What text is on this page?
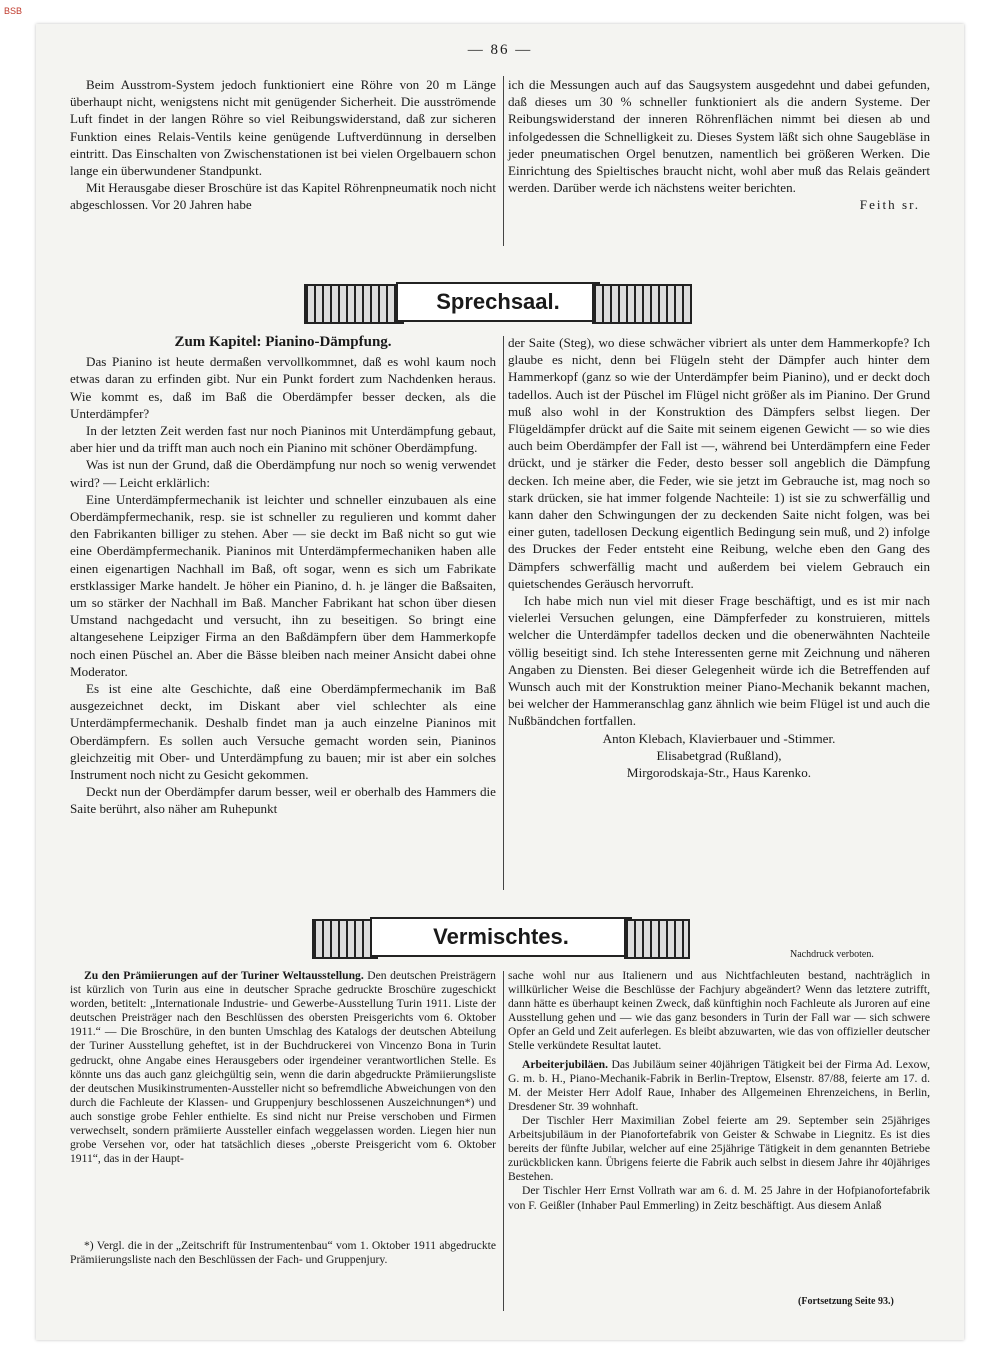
BSB
— 86 —

Beim Ausstrom-System jedoch funktioniert eine Röhre von 20 m Länge überhaupt nicht, wenigstens nicht mit genügender Sicherheit. Die ausströmende Luft findet in der langen Röhre so viel Reibungswiderstand, daß zur sicheren Funktion eines Relais-Ventils keine genügende Luftverdünnung in derselben eintritt. Das Einschalten von Zwischenstationen ist bei vielen Orgelbauern schon lange ein überwundener Standpunkt.

Mit Herausgabe dieser Broschüre ist das Kapitel Röhrenpneumatik noch nicht abgeschlossen. Vor 20 Jahren habe

ich die Messungen auch auf das Saugsystem ausgedehnt und dabei gefunden, daß dieses um 30 % schneller funktioniert als die andern Systeme. Der Reibungswiderstand der inneren Röhrenflächen nimmt bei diesen ab und infolgedessen die Schnelligkeit zu. Dieses System läßt sich ohne Saugebläse in jeder pneumatischen Orgel benutzen, namentlich bei größeren Werken. Die Einrichtung des Spieltisches braucht nicht, wohl aber muß das Relais geändert werden. Darüber werde ich nächstens weiter berichten.

Feith sr.

Sprechsaal.
Zum Kapitel: Pianino-Dämpfung.

Das Pianino ist heute dermaßen vervollkommnet, daß es wohl kaum noch etwas daran zu erfinden gibt. Nur ein Punkt fordert zum Nachdenken heraus. Wie kommt es, daß im Baß die Oberdämpfer besser decken, als die Unterdämpfer?

In der letzten Zeit werden fast nur noch Pianinos mit Unterdämpfung gebaut, aber hier und da trifft man auch noch ein Pianino mit schöner Oberdämpfung.

Was ist nun der Grund, daß die Oberdämpfung nur noch so wenig verwendet wird? — Leicht erklärlich:

Eine Unterdämpfermechanik ist leichter und schneller einzubauen als eine Oberdämpfermechanik, resp. sie ist schneller zu regulieren und kommt daher den Fabrikanten billiger zu stehen. Aber — sie deckt im Baß nicht so gut wie eine Oberdämpfermechanik. Pianinos mit Unterdämpfermechaniken haben alle einen eigenartigen Nachhall im Baß, oft sogar, wenn es sich um Fabrikate erstklassiger Marke handelt. Je höher ein Pianino, d. h. je länger die Baßsaiten, um so stärker der Nachhall im Baß. Mancher Fabrikant hat schon über diesen Umstand nachgedacht und versucht, ihn zu beseitigen. So bringt eine altangesehene Leipziger Firma an den Baßdämpfern über dem Hammerkopfe noch einen Püschel an. Aber die Bässe bleiben nach meiner Ansicht dabei ohne Moderator.

Es ist eine alte Geschichte, daß eine Oberdämpfermechanik im Baß ausgezeichnet deckt, im Diskant aber viel schlechter als eine Unterdämpfermechanik. Deshalb findet man ja auch einzelne Pianinos mit Oberdämpfern. Es sollen auch Versuche gemacht worden sein, Pianinos gleichzeitig mit Ober- und Unterdämpfung zu bauen; mir ist aber ein solches Instrument noch nicht zu Gesicht gekommen.

Deckt nun der Oberdämpfer darum besser, weil er oberhalb des Hammers die Saite berührt, also näher am Ruhepunkt

der Saite (Steg), wo diese schwächer vibriert als unter dem Hammerkopfe? Ich glaube es nicht, denn bei Flügeln steht der Dämpfer auch hinter dem Hammerkopf (ganz so wie der Unterdämpfer beim Pianino), und er deckt doch tadellos. Auch ist der Püschel im Flügel nicht größer als im Pianino. Der Grund muß also wohl in der Konstruktion des Dämpfers selbst liegen. Der Flügeldämpfer drückt auf die Saite mit seinem eigenen Gewicht — so wie dies auch beim Oberdämpfer der Fall ist —, während bei Unterdämpfern eine Feder drückt, und je stärker die Feder, desto besser soll angeblich die Dämpfung decken. Ich meine aber, die Feder, wie sie jetzt im Gebrauche ist, mag noch so stark drücken, sie hat immer folgende Nachteile: 1) ist sie zu schwerfällig und kann daher den Schwingungen der zu deckenden Saite nicht folgen, was bei einer guten, tadellosen Deckung eigentlich Bedingung sein muß, und 2) infolge des Druckes der Feder entsteht eine Reibung, welche eben den Gang des Dämpfers schwerfällig macht und außerdem bei vielem Gebrauch ein quietschendes Geräusch hervorruft.

Ich habe mich nun viel mit dieser Frage beschäftigt, und es ist mir nach vielerlei Versuchen gelungen, eine Dämpferfeder zu konstruieren, mittels welcher die Unterdämpfer tadellos decken und die obenerwähnten Nachteile völlig beseitigt sind. Ich stehe Interessenten gerne mit Zeichnung und näheren Angaben zu Diensten. Bei dieser Gelegenheit würde ich die Betreffenden auf Wunsch auch mit der Konstruktion meiner Piano-Mechanik bekannt machen, bei welcher der Hammeranschlag ganz ähnlich wie beim Flügel ist und auch die Nußbändchen fortfallen.

Anton Klebach, Klavierbauer und -Stimmer.

Elisabetgrad (Rußland),

Mirgorodskaja-Str., Haus Karenko.

Vermischtes.
Nachdruck verboten.

Zu den Prämiierungen auf der Turiner Weltausstellung. Den deutschen Preisträgern ist kürzlich von Turin aus eine in deutscher Sprache gedruckte Broschüre zugeschickt worden, betitelt: „Internationale Industrie- und Gewerbe-Ausstellung Turin 1911. Liste der deutschen Preisträger nach den Beschlüssen des obersten Preisgerichts vom 6. Oktober 1911.“ — Die Broschüre, in den bunten Umschlag des Katalogs der deutschen Abteilung der Turiner Ausstellung geheftet, ist in der Buchdruckerei von Vincenzo Bona in Turin gedruckt, ohne Angabe eines Herausgebers oder irgendeiner verantwortlichen Stelle. Es könnte uns das auch ganz gleichgültig sein, wenn die darin abgedruckte Prämiierungsliste der deutschen Musikinstrumenten-Aussteller nicht so befremdliche Abweichungen von den durch die Fachleute der Klassen- und Gruppenjury beschlossenen Auszeichnungen*) und auch sonstige grobe Fehler enthielte. Es sind nicht nur Preise verschoben und Firmen verwechselt, sondern prämiierte Aussteller einfach weggelassen worden. Liegen hier nun grobe Versehen vor, oder hat tatsächlich dieses „oberste Preisgericht vom 6. Oktober 1911“, das in der Haupt-

*) Vergl. die in der „Zeitschrift für Instrumentenbau“ vom 1. Oktober 1911 abgedruckte Prämiierungsliste nach den Beschlüssen der Fach- und Gruppenjury.

sache wohl nur aus Italienern und aus Nichtfachleuten bestand, nachträglich in willkürlicher Weise die Beschlüsse der Fachjury abgeändert? Wenn das letztere zutrifft, dann hätte es überhaupt keinen Zweck, daß künftighin noch Fachleute als Juroren auf eine Ausstellung gehen und — wie das ganz besonders in Turin der Fall war — sich schwere Opfer an Geld und Zeit auferlegen. Es bleibt abzuwarten, wie das von offizieller deutscher Stelle verkündete Resultat lautet.

Arbeiterjubiläen. Das Jubiläum seiner 40jährigen Tätigkeit bei der Firma Ad. Lexow, G. m. b. H., Piano-Mechanik-Fabrik in Berlin-Treptow, Elsenstr. 87/88, feierte am 17. d. M. der Meister Herr Adolf Raue, Inhaber des Allgemeinen Ehrenzeichens, in Berlin, Dresdener Str. 39 wohnhaft.

Der Tischler Herr Maximilian Zobel feierte am 29. September sein 25jähriges Arbeitsjubiläum in der Pianofortefabrik von Geister & Schwabe in Liegnitz. Es ist dies bereits der fünfte Jubilar, welcher auf eine 25jährige Tätigkeit in dem genannten Betriebe zurückblicken kann. Übrigens feierte die Fabrik auch selbst in diesem Jahre ihr 40jähriges Bestehen.

Der Tischler Herr Ernst Vollrath war am 6. d. M. 25 Jahre in der Hofpianofortefabrik von F. Geißler (Inhaber Paul Emmerling) in Zeitz beschäftigt. Aus diesem Anlaß

(Fortsetzung Seite 93.)
